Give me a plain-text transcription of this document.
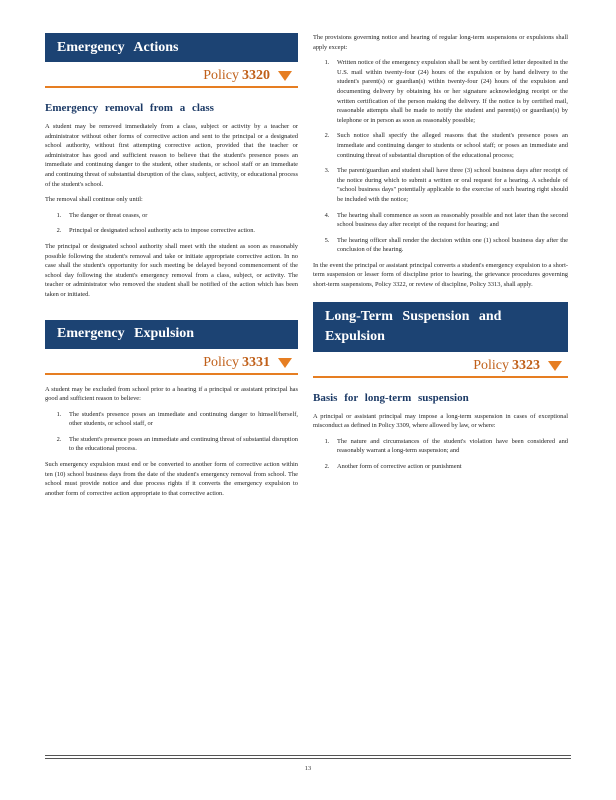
Emergency Actions
Policy 3320
Emergency removal from a class

A student may be removed immediately from a class, subject or activity by a teacher or administrator without other forms of corrective action and sent to the principal or a designated school authority, without first attempting corrective action, provided that the teacher or administrator has good and sufficient reason to believe that the student's presence poses an immediate and continuing danger to the student, other students, or school staff or an immediate and continuing threat of substantial disruption of the class, subject, activity, or educational process of the student's school.

The removal shall continue only until:

1. The danger or threat ceases, or
2. Principal or designated school authority acts to impose corrective action.

The principal or designated school authority shall meet with the student as soon as reasonably possible following the student's removal and take or initiate appropriate corrective action. In no case shall the student's opportunity for such meeting be delayed beyond commencement of the school day following the student's emergency removal from a class, subject, or activity. The teacher or administrator who removed the student shall be notified of the action which has been taken or initiated.

Emergency Expulsion
Policy 3331

A student may be excluded from school prior to a hearing if a principal or assistant principal has good and sufficient reason to believe:

1. The student's presence poses an immediate and continuing danger to himself/herself, other students, or school staff, or
2. The student's presence poses an immediate and continuing threat of substantial disruption to the educational process.

Such emergency expulsion must end or be converted to another form of corrective action within ten (10) school business days from the date of the student's emergency removal from school. The school must provide notice and due process rights if it converts the emergency expulsion to another form of corrective action appropriate to that corrective action.

The provisions governing notice and hearing of regular long-term suspensions or expulsions shall apply except:

1. Written notice of the emergency expulsion shall be sent by certified letter deposited in the U.S. mail within twenty-four (24) hours of the expulsion or by hand delivery to the student's parent(s) or guardian(s) within twenty-four (24) hours of the expulsion and documenting delivery by obtaining his or her signature acknowledging receipt or the written certification of the person making the delivery. If the notice is by certified mail, reasonable attempts shall be made to notify the student and parent(s) or guardian(s) by telephone or in person as soon as reasonably possible;
2. Such notice shall specify the alleged reasons that the student's presence poses an immediate and continuing danger to students or school staff; or poses an immediate and continuing threat of substantial disruption of the educational process;
3. The parent/guardian and student shall have three (3) school business days after receipt of the notice during which to submit a written or oral request for a hearing. A schedule of "school business days" potentially applicable to the exercise of such hearing right should be included with the notice;
4. The hearing shall commence as soon as reasonably possible and not later than the second school business day after receipt of the request for hearing; and
5. The hearing officer shall render the decision within one (1) school business day after the conclusion of the hearing.

In the event the principal or assistant principal converts a student's emergency expulsion to a short-term suspension or lesser form of discipline prior to hearing, the grievance procedures governing short-term suspensions, Policy 3322, or review of discipline, Policy 3313, shall apply.

Long-Term Suspension and
Expulsion
Policy 3323
Basis for long-term suspension

A principal or assistant principal may impose a long-term suspension in cases of exceptional misconduct as defined in Policy 3309, where allowed by law, or where:

1. The nature and circumstances of the student's violation have been considered and reasonably warrant a long-term suspension; and
2. Another form of corrective action or punishment
13
